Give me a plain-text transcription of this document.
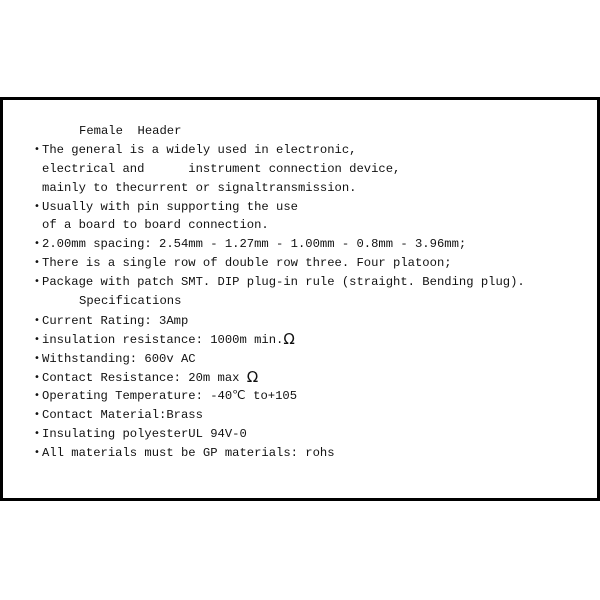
Female  Header
• The general is a widely used in electronic,
electrical and      instrument connection device,
mainly to thecurrent or signaltransmission.
• Usually with pin supporting the use
of a board to board connection.
• 2.00mm spacing: 2.54mm - 1.27mm - 1.00mm - 0.8mm - 3.96mm;
• There is a single row of double row three. Four platoon;
• Package with patch SMT. DIP plug-in rule (straight. Bending plug).
Specifications
• Current Rating: 3Amp
• insulation resistance: 1000m min.Ω
• Withstanding: 600v AC
• Contact Resistance: 20m max Ω
• Operating Temperature: -40℃ to+105
• Contact Material:Brass
• Insulating polyesterUL 94V-0
• All materials must be GP materials: rohs
